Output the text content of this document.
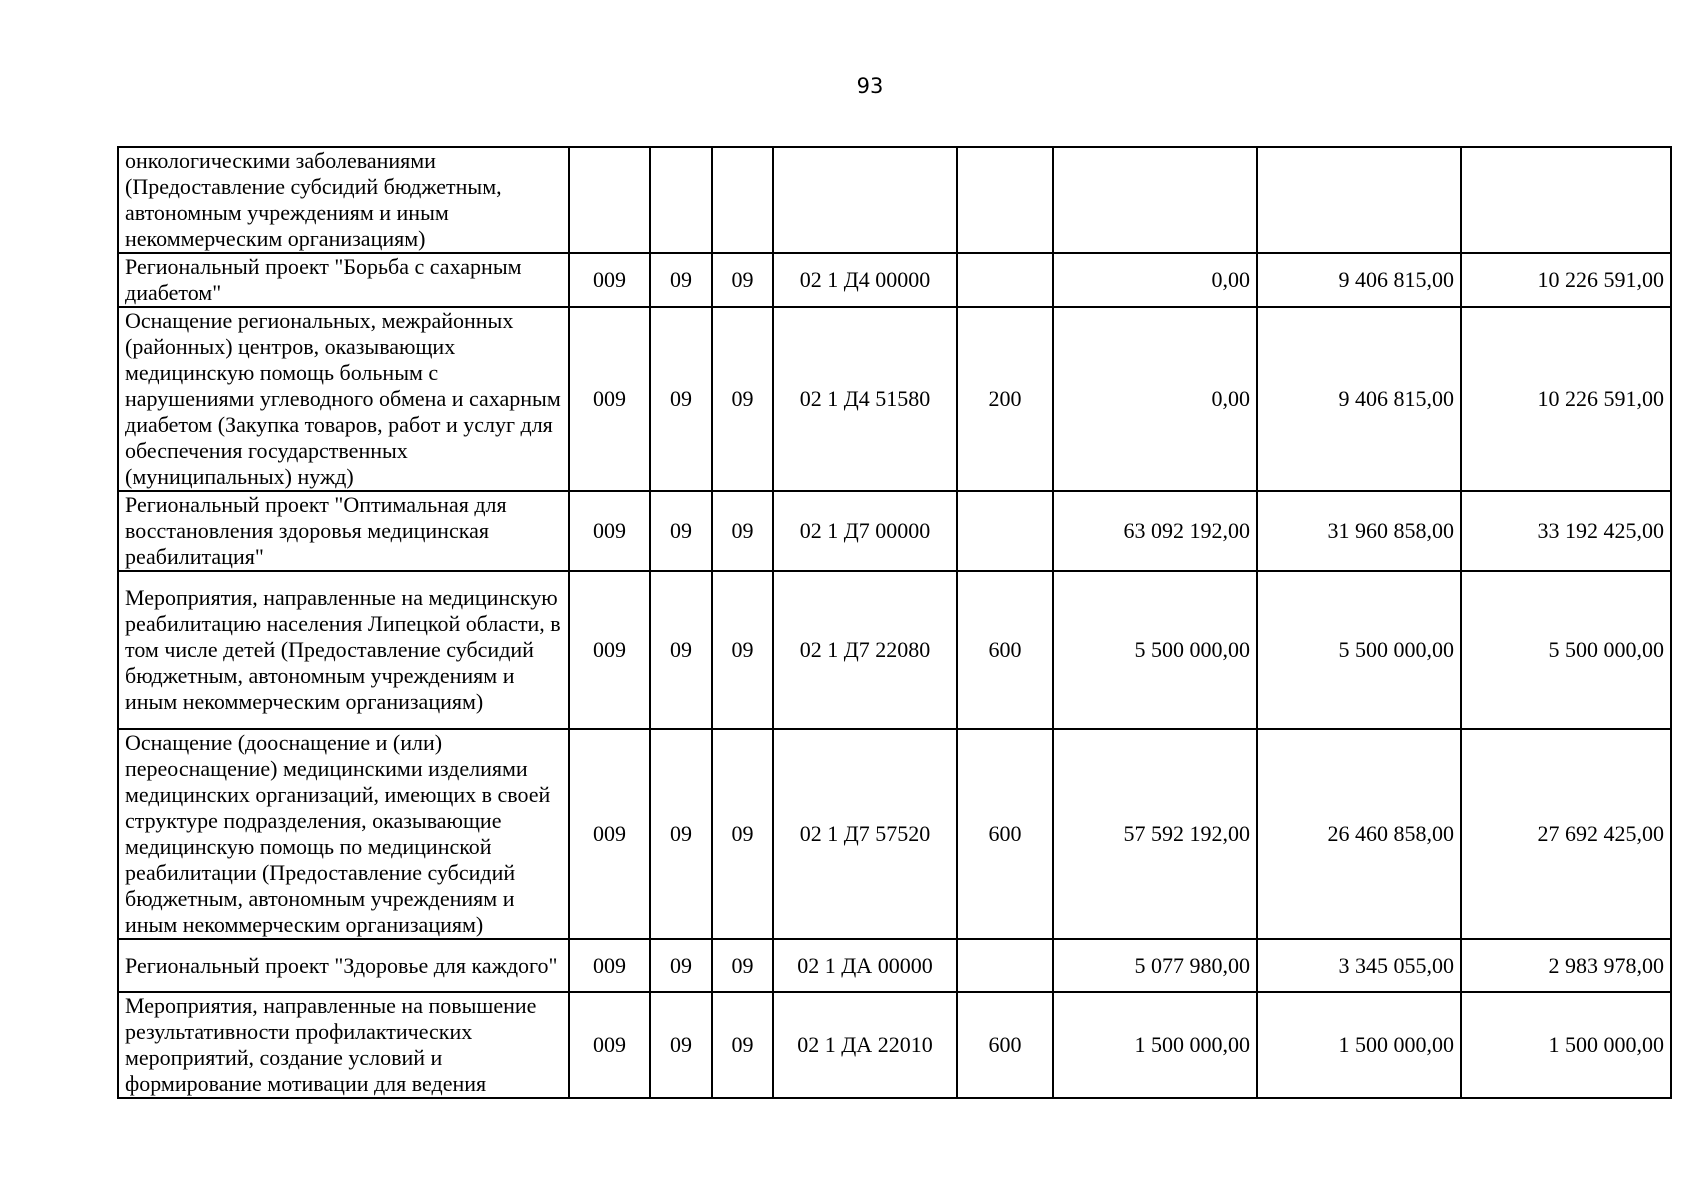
93
онкологическими заболеваниями (Предоставление субсидий бюджетным, автономным учреждениям и иным некоммерческим организациям)								
Региональный проект "Борьба с сахарным диабетом"	009	09	09	02 1 Д4 00000		0,00	9 406 815,00	10 226 591,00
Оснащение региональных, межрайонных (районных) центров, оказывающих медицинскую помощь больным с нарушениями углеводного обмена и сахарным диабетом (Закупка товаров, работ и услуг для обеспечения государственных (муниципальных) нужд)	009	09	09	02 1 Д4 51580	200	0,00	9 406 815,00	10 226 591,00
Региональный проект "Оптимальная для восстановления здоровья медицинская реабилитация"	009	09	09	02 1 Д7 00000		63 092 192,00	31 960 858,00	33 192 425,00
Мероприятия, направленные на медицинскую реабилитацию населения Липецкой области, в том числе детей (Предоставление субсидий бюджетным, автономным учреждениям и иным некоммерческим организациям)	009	09	09	02 1 Д7 22080	600	5 500 000,00	5 500 000,00	5 500 000,00
Оснащение (дооснащение и (или) переоснащение) медицинскими изделиями медицинских организаций, имеющих в своей структуре подразделения, оказывающие медицинскую помощь по медицинской реабилитации (Предоставление субсидий бюджетным, автономным учреждениям и иным некоммерческим организациям)	009	09	09	02 1 Д7 57520	600	57 592 192,00	26 460 858,00	27 692 425,00
Региональный проект "Здоровье для каждого"	009	09	09	02 1 ДА 00000		5 077 980,00	3 345 055,00	2 983 978,00
Мероприятия, направленные на повышение результативности профилактических мероприятий, создание условий и формирование мотивации для ведения	009	09	09	02 1 ДА 22010	600	1 500 000,00	1 500 000,00	1 500 000,00
